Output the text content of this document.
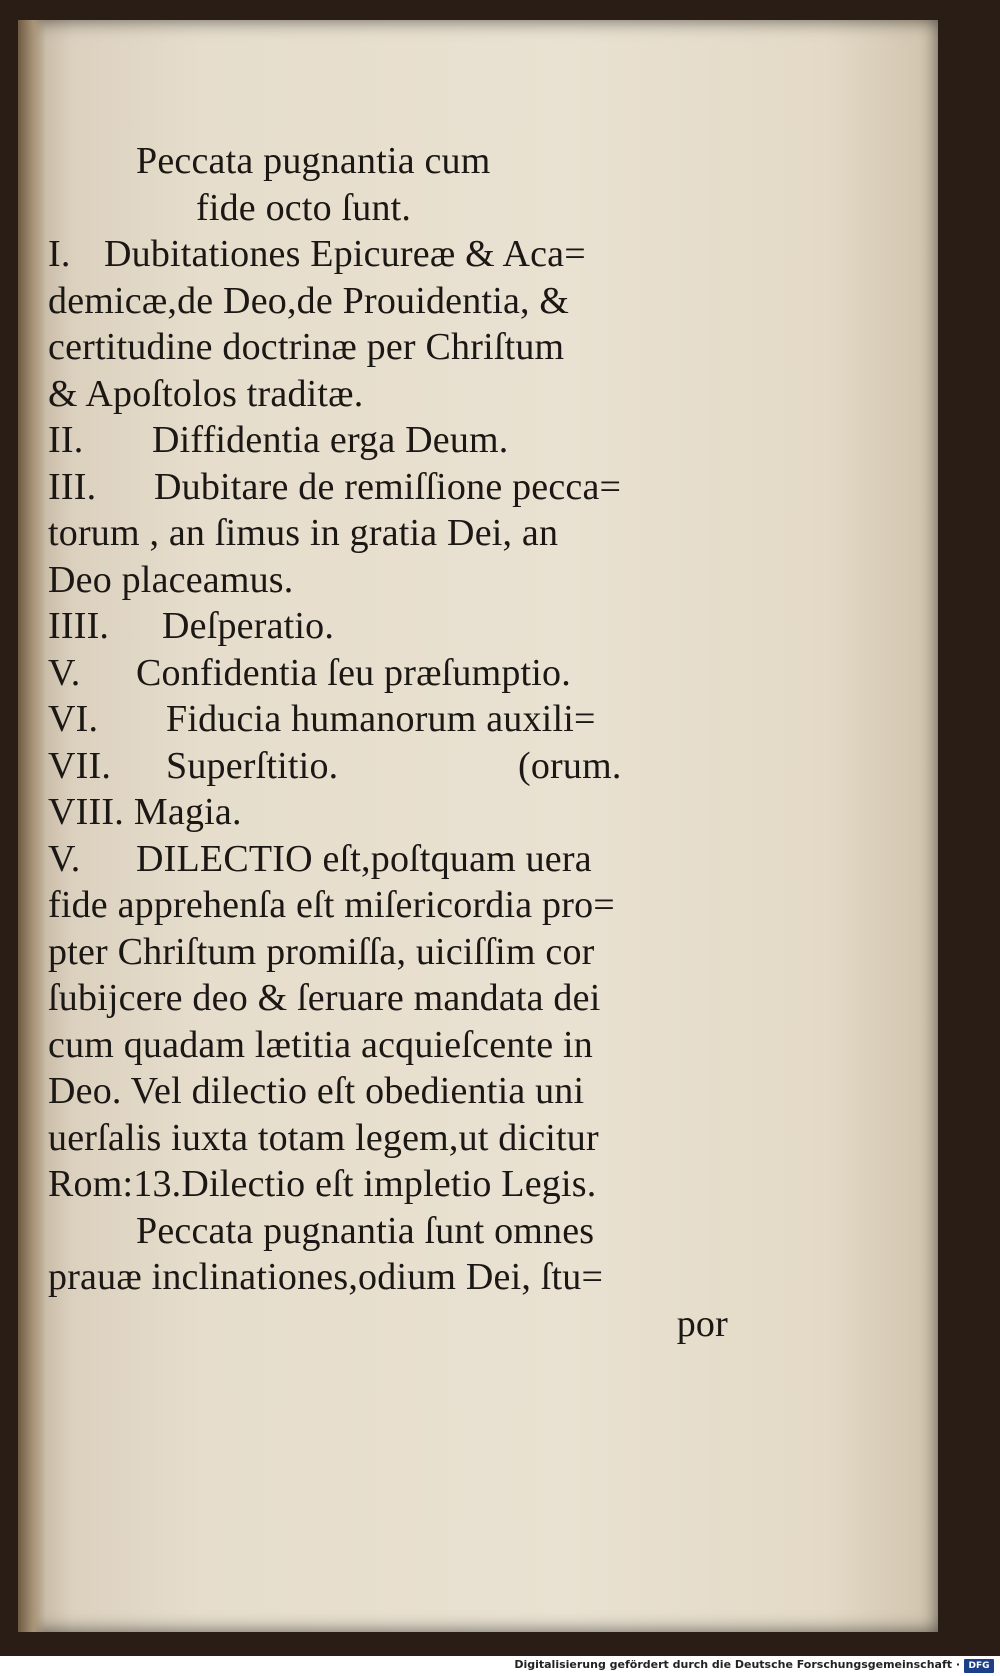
Peccata pugnantia cum
fide octo ſunt.
I. Dubitationes Epicureæ & Aca=
demicæ,de Deo,de Prouidentia, &
certitudine doctrinæ per Chriſtum
& Apoſtolos traditæ.
II. Diffidentia erga Deum.
III. Dubitare de remiſſione pecca=
torum , an ſimus in gratia Dei, an
Deo placeamus.
IIII. Deſperatio.
V. Confidentia ſeu præſumptio.
VI. Fiducia humanorum auxili=
VII. Superſtitio.	(orum.
VIII. Magia.
V. DILECTIO eſt,poſtquam uera
fide apprehenſa eſt miſericordia pro=
pter Chriſtum promiſſa, uiciſſim cor
ſubijcere deo & ſeruare mandata dei
cum quadam lætitia acquieſcente in
Deo. Vel dilectio eſt obedientia uni
uerſalis iuxta totam legem,ut dicitur
Rom:13.Dilectio eſt impletio Legis.
Peccata pugnantia ſunt omnes
prauæ inclinationes,odium Dei, ſtu=
por
Digitalisierung gefördert durch die Deutsche Forschungsgemeinschaft · DFG
